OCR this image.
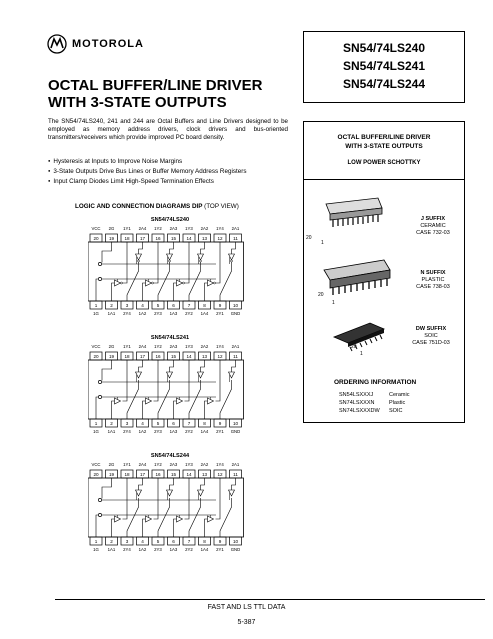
MOTOROLA
OCTAL BUFFER/LINE DRIVER
WITH 3-STATE OUTPUTS
The SN54/74LS240, 241 and 244 are Octal Buffers and Line Drivers designed to be employed as memory address drivers, clock drivers and bus-oriented transmitters/receivers which provide improved PC board density.
● Hysteresis at Inputs to Improve Noise Margins
● 3-State Outputs Drive Bus Lines or Buffer Memory Address Registers
● Input Clamp Diodes Limit High-Speed Termination Effects
LOGIC AND CONNECTION DIAGRAMS DIP (TOP VIEW)
SN54/74LS240
VCC 2G 1Y1 2A4 1Y2 2A3 1Y3 2A2 1Y4 2A1
20 19 18 17 16 15 14 13 12 11
1	2	3	4	5	6	7	8	9	10
1G 1A1 2Y4 1A2 2Y3 1A3 2Y2 1A4 2Y1 GND
SN54/74LS241
VCC 2G 1Y1 2A4 1Y2 2A3 1Y3 2A2 1Y4 2A1
20 19 18 17 16 15 14 13 12 11
1	2	3	4	5	6	7	8	9	10
1G 1A1 2Y4 1A2 2Y3 1A3 2Y2 1A4 2Y1 GND
SN54/74LS244
VCC 2G 1Y1 2A4 1Y2 2A3 1Y3 2A2 1Y4 2A1
20 19 18 17 16 15 14 13 12 11
1	2	3	4	5	6	7	8	9	10
1G 1A1 2Y4 1A2 2Y3 1A3 2Y2 1A4 2Y1 GND
SN54/74LS240
SN54/74LS241
SN54/74LS244
OCTAL BUFFER/LINE DRIVER
WITH 3-STATE OUTPUTS
LOW POWER SCHOTTKY
20
1
J SUFFIX
CERAMIC
CASE 732-03
20
1
N SUFFIX
PLASTIC
CASE 738-03
20
1
DW SUFFIX
SOIC
CASE 751D-03
ORDERING INFORMATION
SN54LSXXXJ	Ceramic
SN74LSXXXN	Plastic
SN74LSXXXDW SOIC
FAST AND LS TTL DATA
5-387
